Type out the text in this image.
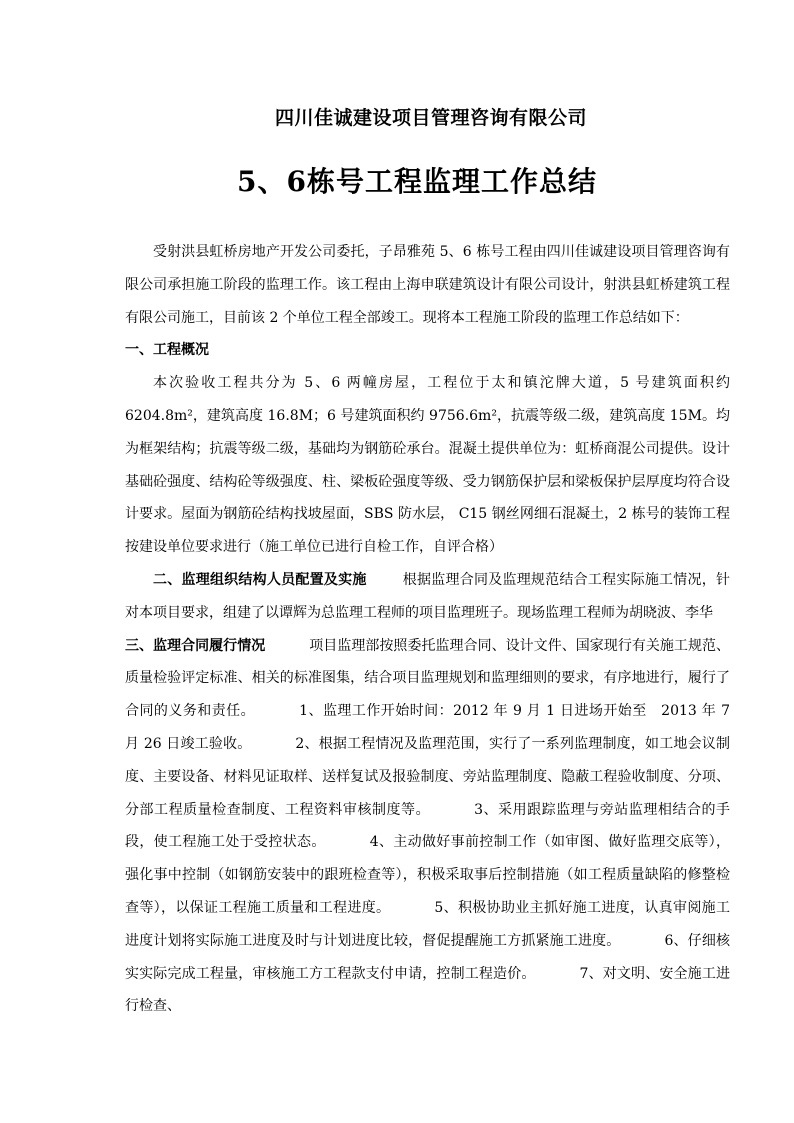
四川佳诚建设项目管理咨询有限公司
5、6栋号工程监理工作总结

受射洪县虹桥房地产开发公司委托，子昂雅苑 5、6 栋号工程由四川佳诚建设项目管理咨询有限公司承担施工阶段的监理工作。该工程由上海申联建筑设计有限公司设计，射洪县虹桥建筑工程有限公司施工，目前该 2 个单位工程全部竣工。现将本工程施工阶段的监理工作总结如下：

一、工程概况

本次验收工程共分为 5、6 两幢房屋，工程位于太和镇沱牌大道，5 号建筑面积约 6204.8m²，建筑高度 16.8M；6 号建筑面积约 9756.6m²，抗震等级二级，建筑高度 15M。均为框架结构；抗震等级二级，基础均为钢筋砼承台。混凝土提供单位为：虹桥商混公司提供。设计基础砼强度、结构砼等级强度、柱、梁板砼强度等级、受力钢筋保护层和梁板保护层厚度均符合设计要求。屋面为钢筋砼结构找坡屋面，SBS 防水层， C15 钢丝网细石混凝土，2 栋号的装饰工程按建设单位要求进行（施工单位已进行自检工作，自评合格）

二、监理组织结构人员配置及实施	根据监理合同及监理规范结合工程实际施工情况，针对本项目要求，组建了以谭辉为总监理工程师的项目监理班子。现场监理工程师为胡晓波、李华

三、监理合同履行情况	项目监理部按照委托监理合同、设计文件、国家现行有关施工规范、质量检验评定标准、相关的标准图集，结合项目监理规划和监理细则的要求，有序地进行，履行了合同的义务和责任。	1、监理工作开始时间：2012 年 9 月 1 日进场开始至　2013 年 7 月 26 日竣工验收。	2、根据工程情况及监理范围，实行了一系列监理制度，如工地会议制度、主要设备、材料见证取样、送样复试及报验制度、旁站监理制度、隐蔽工程验收制度、分项、分部工程质量检查制度、工程资料审核制度等。	3、采用跟踪监理与旁站监理相结合的手段，使工程施工处于受控状态。	4、主动做好事前控制工作（如审图、做好监理交底等），强化事中控制（如钢筋安装中的跟班检查等），积极采取事后控制措施（如工程质量缺陷的修整检查等），以保证工程施工质量和工程进度。	5、积极协助业主抓好施工进度，认真审阅施工进度计划将实际施工进度及时与计划进度比较，督促提醒施工方抓紧施工进度。	6、仔细核实实际完成工程量，审核施工方工程款支付申请，控制工程造价。	7、对文明、安全施工进行检查、
